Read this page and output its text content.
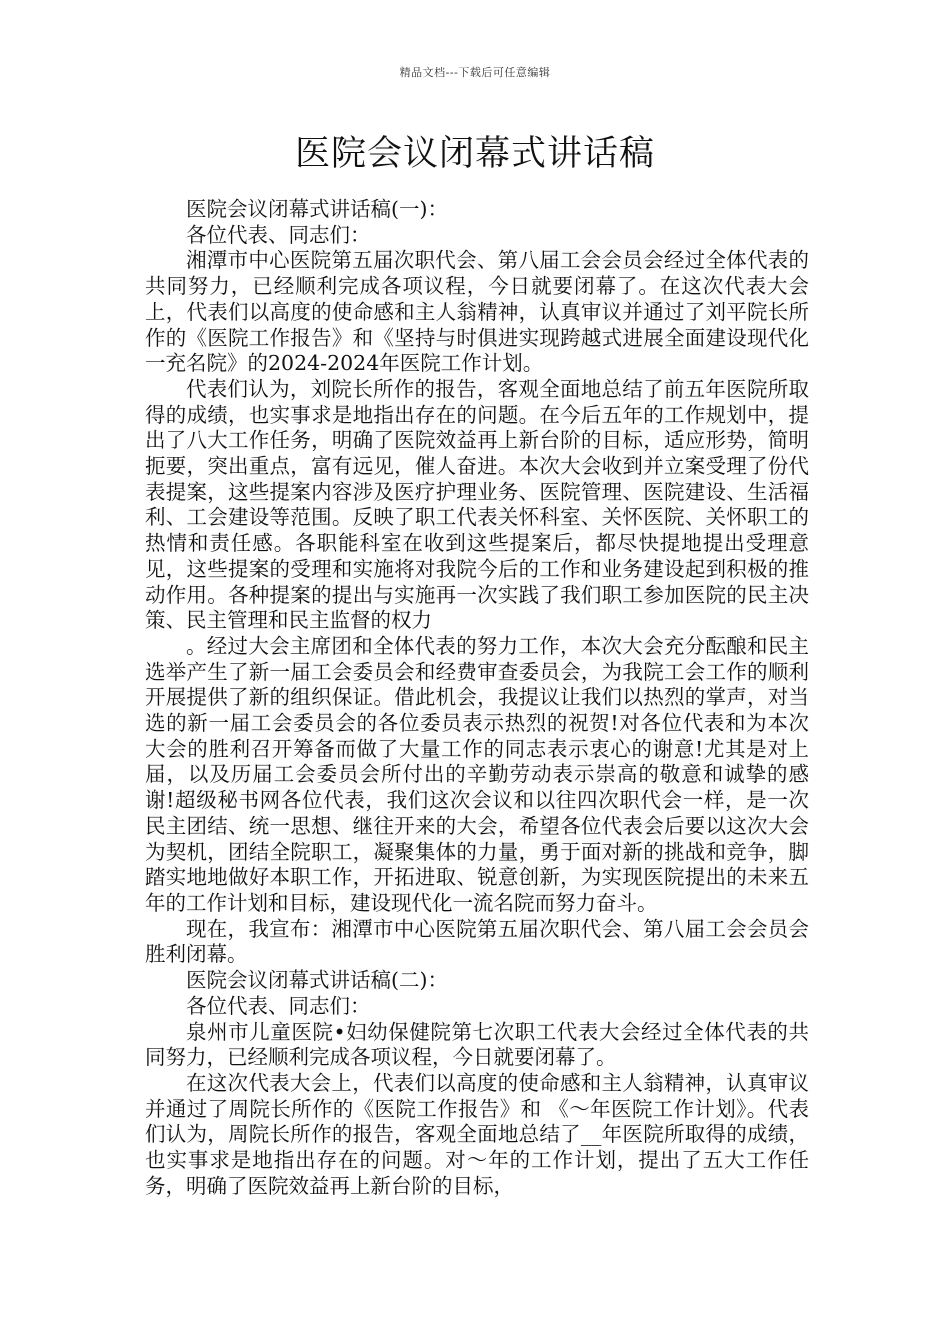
精品文档---下载后可任意编辑
医院会议闭幕式讲话稿

医院会议闭幕式讲话稿(一)：

各位代表、同志们：

湘潭市中心医院第五届次职代会、第八届工会会员会经过全体代表的共同努力，已经顺利完成各项议程，今日就要闭幕了。在这次代表大会上，代表们以高度的使命感和主人翁精神，认真审议并通过了刘平院长所作的《医院工作报告》和《坚持与时俱进实现跨越式进展全面建设现代化一充名院》的2024-2024年医院工作计划。

代表们认为，刘院长所作的报告，客观全面地总结了前五年医院所取得的成绩，也实事求是地指出存在的问题。在今后五年的工作规划中，提出了八大工作任务，明确了医院效益再上新台阶的目标，适应形势，简明扼要，突出重点，富有远见，催人奋进。本次大会收到并立案受理了份代表提案，这些提案内容涉及医疗护理业务、医院管理、医院建设、生活福利、工会建设等范围。反映了职工代表关怀科室、关怀医院、关怀职工的热情和责任感。各职能科室在收到这些提案后，都尽快提地提出受理意见，这些提案的受理和实施将对我院今后的工作和业务建设起到积极的推动作用。各种提案的提出与实施再一次实践了我们职工参加医院的民主决策、民主管理和民主监督的权力

。经过大会主席团和全体代表的努力工作，本次大会充分酝酿和民主选举产生了新一届工会委员会和经费审查委员会，为我院工会工作的顺利开展提供了新的组织保证。借此机会，我提议让我们以热烈的掌声，对当选的新一届工会委员会的各位委员表示热烈的祝贺!对各位代表和为本次大会的胜利召开筹备而做了大量工作的同志表示衷心的谢意!尤其是对上届，以及历届工会委员会所付出的辛勤劳动表示崇高的敬意和诚挚的感谢!超级秘书网各位代表，我们这次会议和以往四次职代会一样，是一次民主团结、统一思想、继往开来的大会，希望各位代表会后要以这次大会为契机，团结全院职工，凝聚集体的力量，勇于面对新的挑战和竞争，脚踏实地地做好本职工作，开拓进取、锐意创新，为实现医院提出的未来五年的工作计划和目标，建设现代化一流名院而努力奋斗。

现在，我宣布：湘潭市中心医院第五届次职代会、第八届工会会员会胜利闭幕。

医院会议闭幕式讲话稿(二)：

各位代表、同志们：

泉州市儿童医院•妇幼保健院第七次职工代表大会经过全体代表的共同努力，已经顺利完成各项议程，今日就要闭幕了。

在这次代表大会上，代表们以高度的使命感和主人翁精神，认真审议并通过了周院长所作的《医院工作报告》和 《～年医院工作计划》。代表们认为，周院长所作的报告，客观全面地总结了__年医院所取得的成绩，也实事求是地指出存在的问题。对～年的工作计划，提出了五大工作任务，明确了医院效益再上新台阶的目标，
